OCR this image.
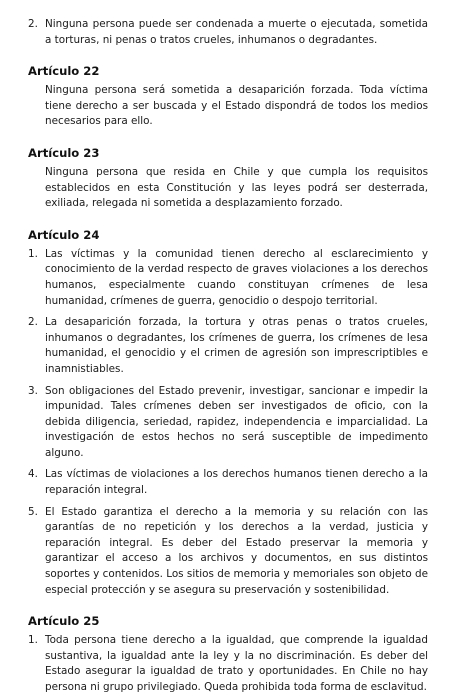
2. Ninguna persona puede ser condenada a muerte o ejecutada, sometida a torturas, ni penas o tratos crueles, inhumanos o degradantes.
Artículo 22
Ninguna persona será sometida a desaparición forzada. Toda víctima tiene derecho a ser buscada y el Estado dispondrá de todos los medios necesarios para ello.
Artículo 23
Ninguna persona que resida en Chile y que cumpla los requisitos establecidos en esta Constitución y las leyes podrá ser desterrada, exiliada, relegada ni sometida a desplazamiento forzado.
Artículo 24
1. Las víctimas y la comunidad tienen derecho al esclarecimiento y conocimiento de la verdad respecto de graves violaciones a los derechos humanos, especialmente cuando constituyan crímenes de lesa humanidad, crímenes de guerra, genocidio o despojo territorial.
2. La desaparición forzada, la tortura y otras penas o tratos crueles, inhumanos o degradantes, los crímenes de guerra, los crímenes de lesa humanidad, el genocidio y el crimen de agresión son imprescriptibles e inamnistiables.
3. Son obligaciones del Estado prevenir, investigar, sancionar e impedir la impunidad. Tales crímenes deben ser investigados de oficio, con la debida diligencia, seriedad, rapidez, independencia e imparcialidad. La investigación de estos hechos no será susceptible de impedimento alguno.
4. Las víctimas de violaciones a los derechos humanos tienen derecho a la reparación integral.
5. El Estado garantiza el derecho a la memoria y su relación con las garantías de no repetición y los derechos a la verdad, justicia y reparación integral. Es deber del Estado preservar la memoria y garantizar el acceso a los archivos y documentos, en sus distintos soportes y contenidos. Los sitios de memoria y memoriales son objeto de especial protección y se asegura su preservación y sostenibilidad.
Artículo 25
1. Toda persona tiene derecho a la igualdad, que comprende la igualdad sustantiva, la igualdad ante la ley y la no discriminación. Es deber del Estado asegurar la igualdad de trato y oportunidades. En Chile no hay persona ni grupo privilegiado. Queda prohibida toda forma de esclavitud.
